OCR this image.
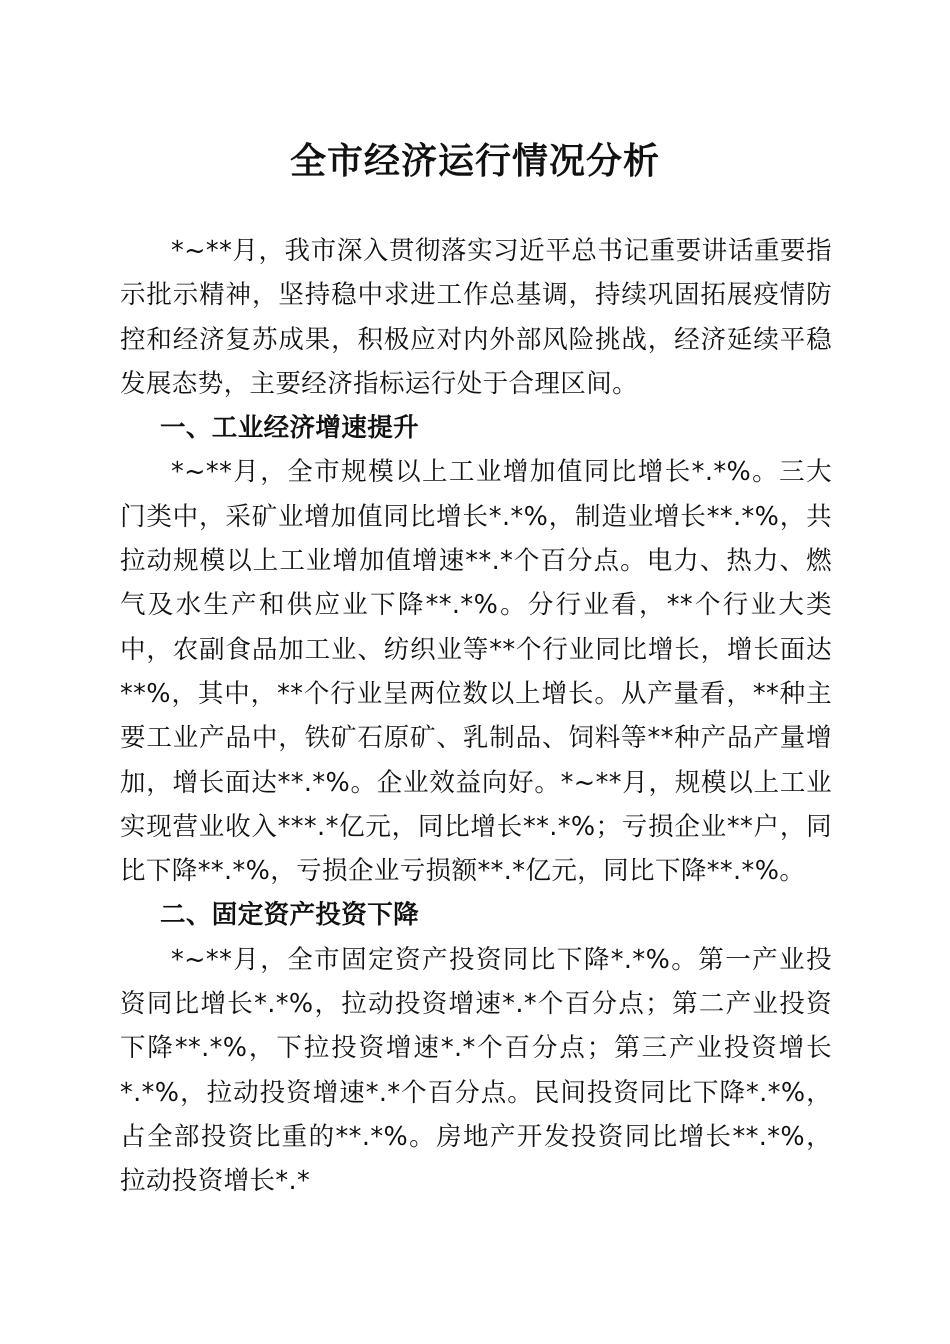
全市经济运行情况分析

*~**月，我市深入贯彻落实习近平总书记重要讲话重要指示批示精神，坚持稳中求进工作总基调，持续巩固拓展疫情防控和经济复苏成果，积极应对内外部风险挑战，经济延续平稳发展态势，主要经济指标运行处于合理区间。

一、工业经济增速提升

*~**月，全市规模以上工业增加值同比增长*.*%。三大门类中，采矿业增加值同比增长*.*%，制造业增长**.*%，共拉动规模以上工业增加值增速**.*个百分点。电力、热力、燃气及水生产和供应业下降**.*%。分行业看，**个行业大类中，农副食品加工业、纺织业等**个行业同比增长，增长面达**%，其中，**个行业呈两位数以上增长。从产量看，**种主要工业产品中，铁矿石原矿、乳制品、饲料等**种产品产量增加，增长面达**.*%。企业效益向好。*~**月，规模以上工业实现营业收入***.*亿元，同比增长**.*%；亏损企业**户，同比下降**.*%，亏损企业亏损额**.*亿元，同比下降**.*%。

二、固定资产投资下降

*~**月，全市固定资产投资同比下降*.*%。第一产业投资同比增长*.*%，拉动投资增速*.*个百分点；第二产业投资下降**.*%，下拉投资增速*.*个百分点；第三产业投资增长*.*%，拉动投资增速*.*个百分点。民间投资同比下降*.*%，占全部投资比重的**.*%。房地产开发投资同比增长**.*%，拉动投资增长*.*
